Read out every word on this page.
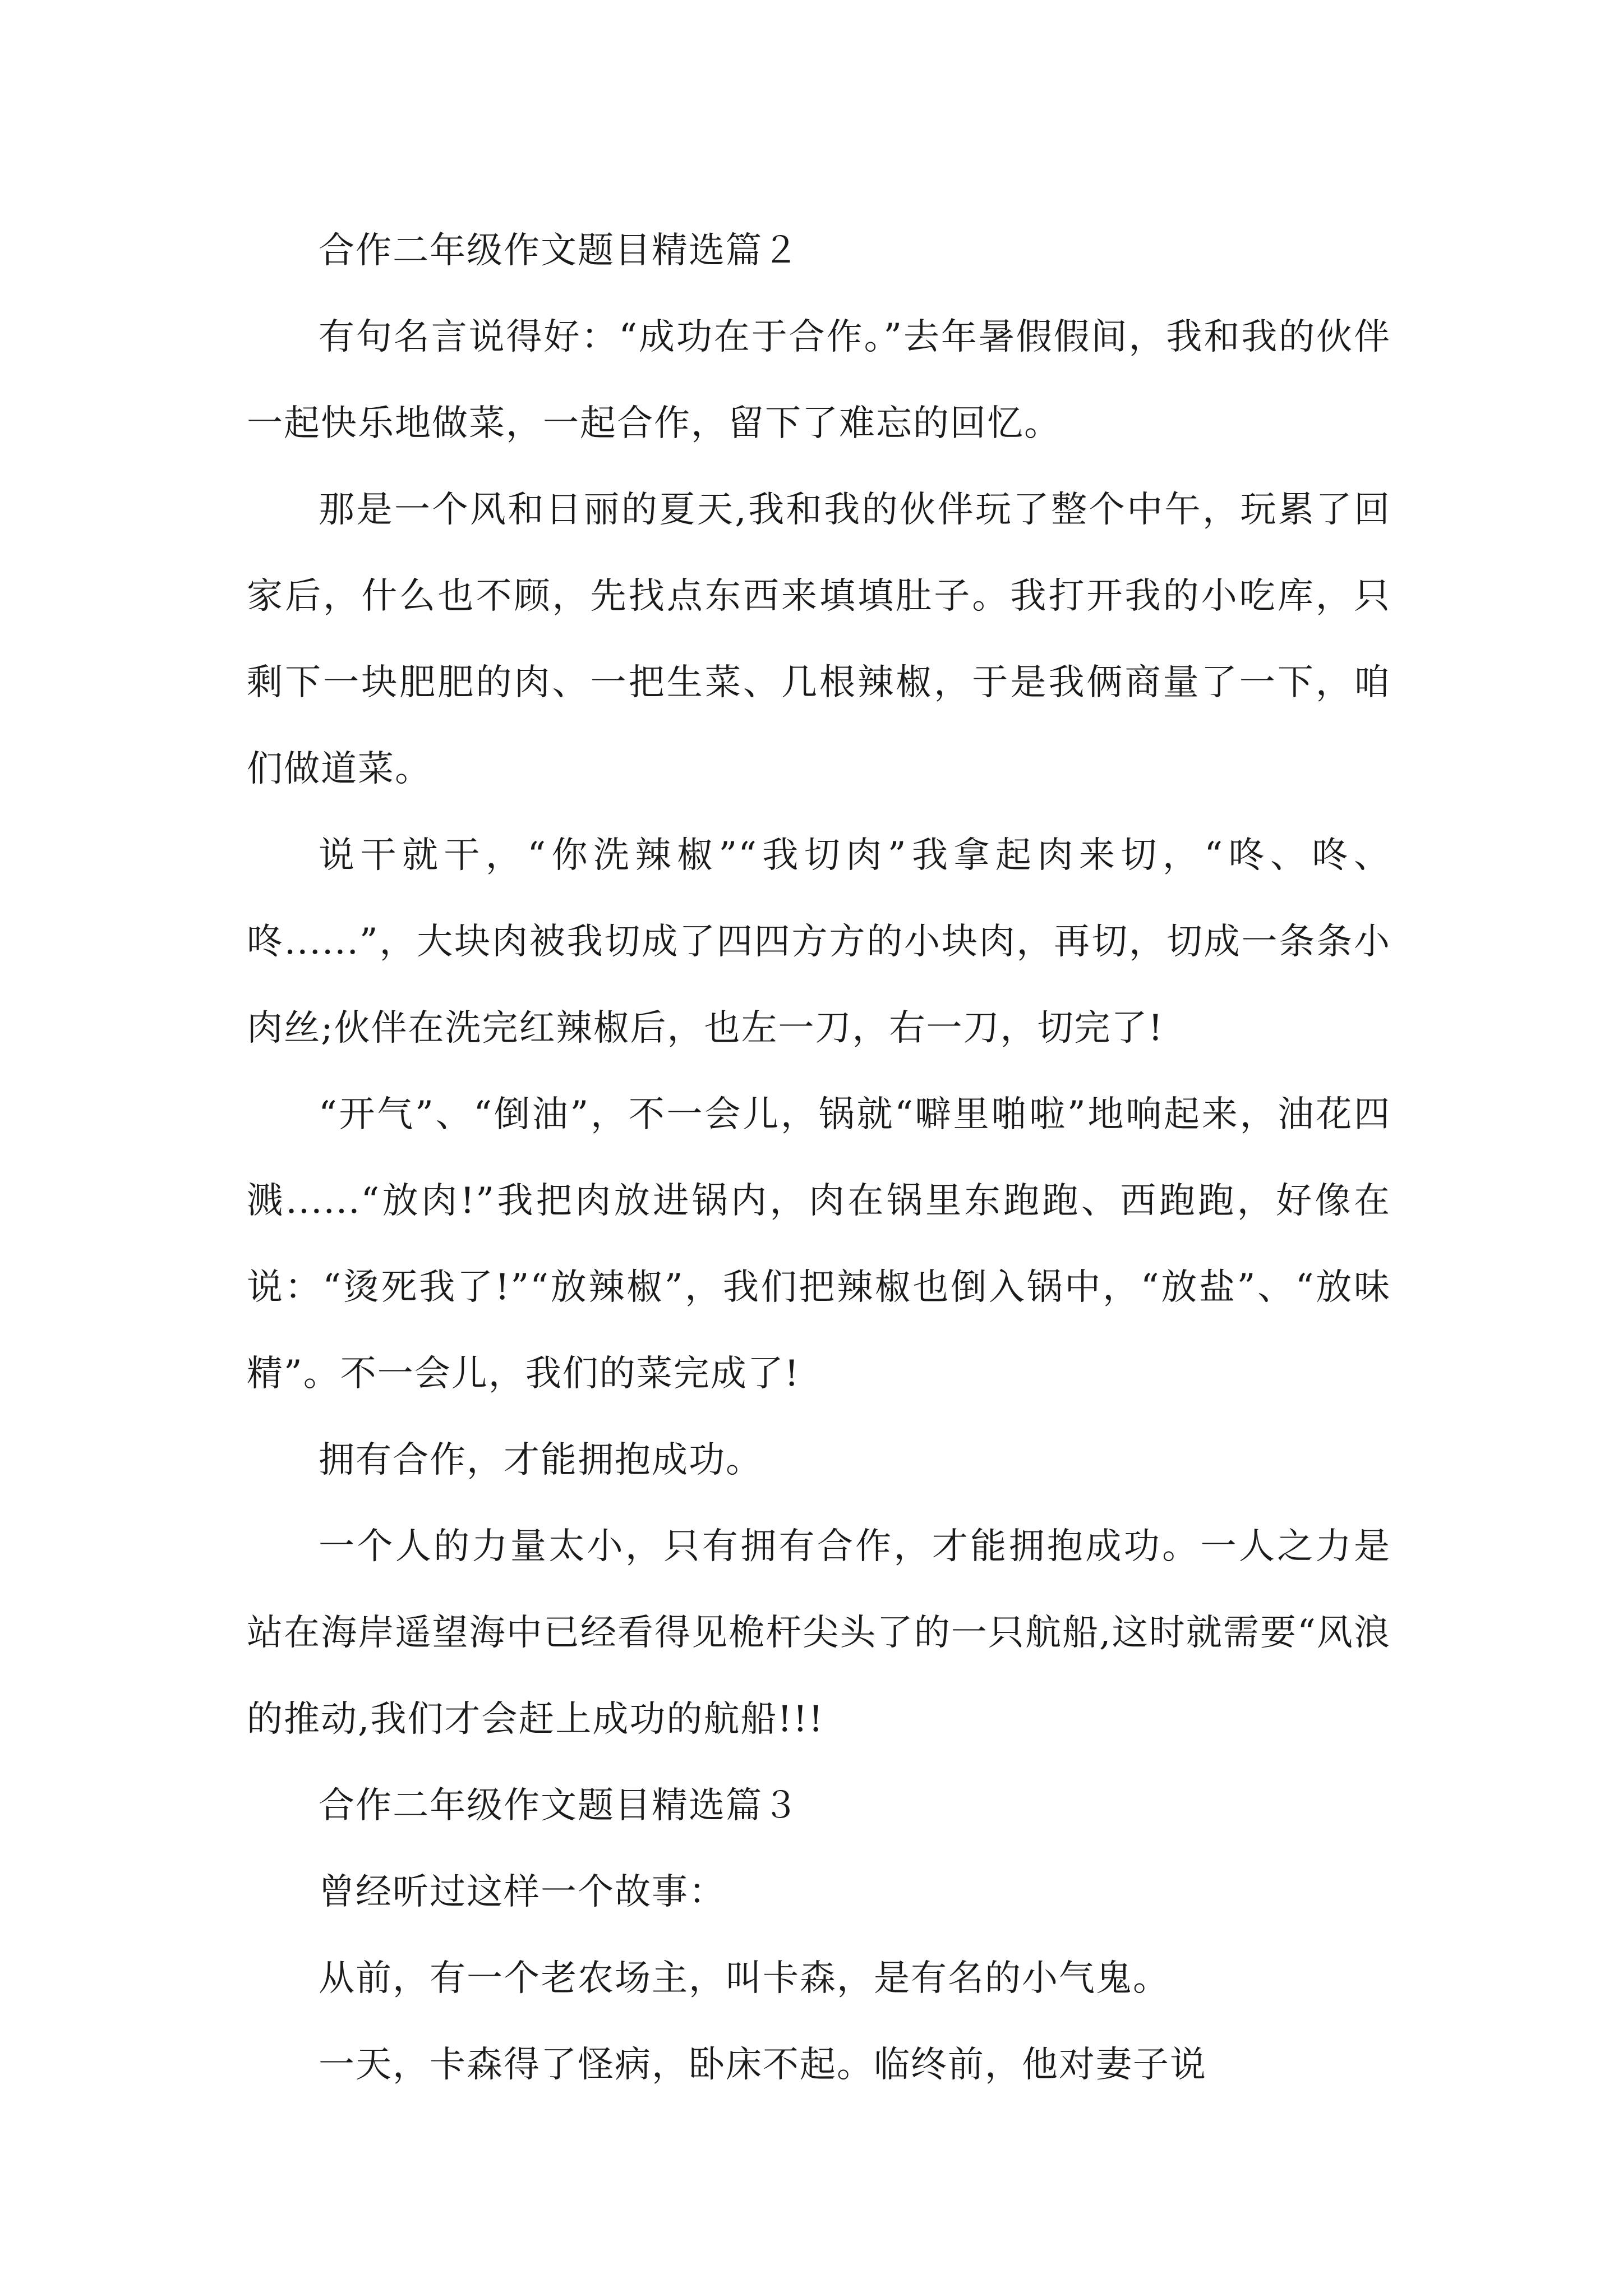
合作二年级作文题目精选篇２

有句名言说得好：“成功在于合作。”去年暑假假间，我和我的伙伴一起快乐地做菜，一起合作，留下了难忘的回忆。

那是一个风和日丽的夏天,我和我的伙伴玩了整个中午，玩累了回家后，什么也不顾，先找点东西来填填肚子。我打开我的小吃库，只剩下一块肥肥的肉、一把生菜、几根辣椒，于是我俩商量了一下，咱们做道菜。

说干就干，“你洗辣椒”“我切肉”我拿起肉来切，“咚、咚、咚......”，大块肉被我切成了四四方方的小块肉，再切，切成一条条小肉丝;伙伴在洗完红辣椒后，也左一刀，右一刀，切完了!

“开气”、“倒油”，不一会儿，锅就“噼里啪啦”地响起来，油花四溅......“放肉!”我把肉放进锅内，肉在锅里东跑跑、西跑跑，好像在说：“烫死我了!”“放辣椒”，我们把辣椒也倒入锅中，“放盐”、“放味精”。不一会儿，我们的菜完成了!

拥有合作，才能拥抱成功。

一个人的力量太小，只有拥有合作，才能拥抱成功。一人之力是站在海岸遥望海中已经看得见桅杆尖头了的一只航船,这时就需要“风浪的推动,我们才会赶上成功的航船!!!

合作二年级作文题目精选篇３

曾经听过这样一个故事：

从前，有一个老农场主，叫卡森，是有名的小气鬼。

一天，卡森得了怪病，卧床不起。临终前，他对妻子说
